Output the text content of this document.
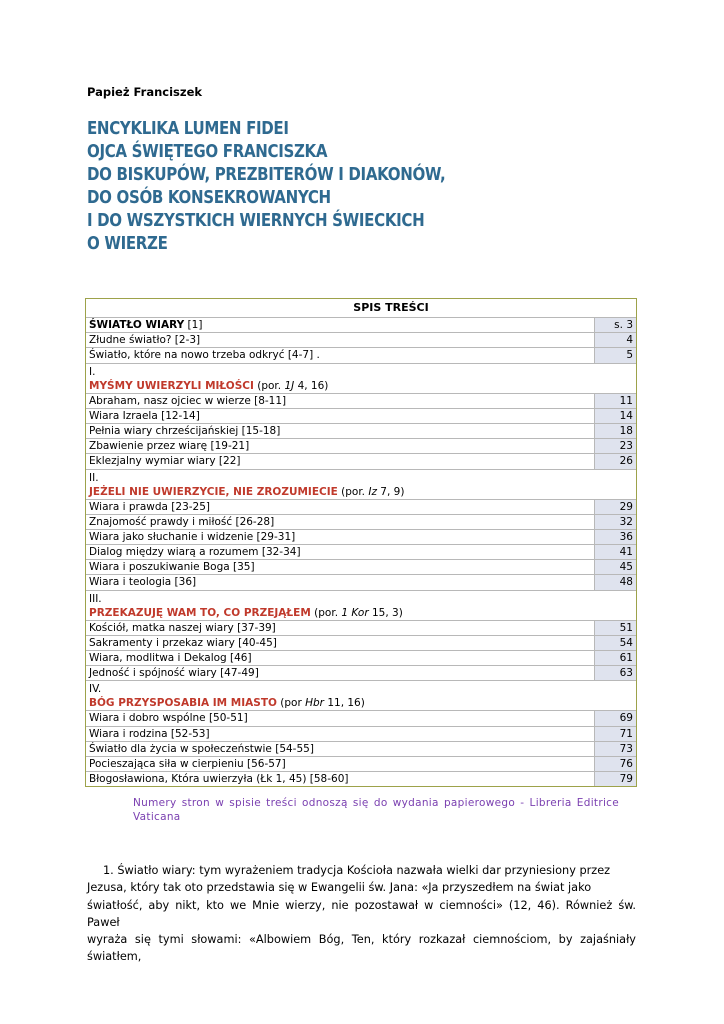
Papież Franciszek
ENCYKLIKA LUMEN FIDEI
OJCA ŚWIĘTEGO FRANCISZKA
DO BISKUPÓW, PREZBITERÓW I DIAKONÓW,
DO OSÓB KONSEKROWANYCH
I DO WSZYSTKICH WIERNYCH ŚWIECKICH
O WIERZE
SPIS TREŚCI
ŚWIATŁO WIARY [1]	s. 3
Złudne światło? [2-3]	4
Światło, które na nowo trzeba odkryć [4-7] .	5
I.
MYŚMY UWIERZYLI MIŁOŚCI (por. 1J 4, 16)
Abraham, nasz ojciec w wierze [8-11]	11
Wiara Izraela [12-14]	14
Pełnia wiary chrześcijańskiej [15-18]	18
Zbawienie przez wiarę [19-21]	23
Eklezjalny wymiar wiary [22]	26
II.
JEŻELI NIE UWIERZYCIE, NIE ZROZUMIECIE (por. Iz 7, 9)
Wiara i prawda [23-25]	29
Znajomość prawdy i miłość [26-28]	32
Wiara jako słuchanie i widzenie [29-31]	36
Dialog między wiarą a rozumem [32-34]	41
Wiara i poszukiwanie Boga [35]	45
Wiara i teologia [36]	48
III.
PRZEKAZUJĘ WAM TO, CO PRZEJĄŁEM (por. 1 Kor 15, 3)
Kościół, matka naszej wiary [37-39]	51
Sakramenty i przekaz wiary [40-45]	54
Wiara, modlitwa i Dekalog [46]	61
Jedność i spójność wiary [47-49]	63
IV.
BÓG PRZYSPOSABIA IM MIASTO (por Hbr 11, 16)
Wiara i dobro wspólne [50-51]	69
Wiara i rodzina [52-53]	71
Światło dla życia w społeczeństwie [54-55]	73
Pocieszająca siła w cierpieniu [56-57]	76
Błogosławiona, Która uwierzyła (Łk 1, 45) [58-60]	79
Numery stron w spisie treści odnoszą się do wydania papierowego - Libreria Editrice Vaticana
1. Światło wiary: tym wyrażeniem tradycja Kościoła nazwała wielki dar przyniesiony przez
Jezusa, który tak oto przedstawia się w Ewangelii św. Jana: «Ja przyszedłem na świat jako
światłość, aby nikt, kto we Mnie wierzy, nie pozostawał w ciemności» (12, 46). Również św. Paweł
wyraża się tymi słowami: «Albowiem Bóg, Ten, który rozkazał ciemnościom, by zajaśniały światłem,
